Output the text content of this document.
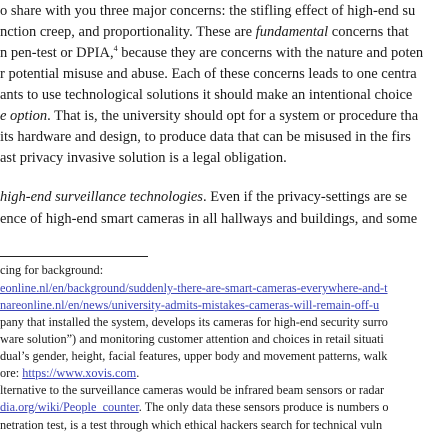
o share with you three major concerns: the stifling effect of high-end su
nction creep, and proportionality. These are fundamental concerns that
n pen-test or DPIA,$^4$ because they are concerns with the nature and poten
r potential misuse and abuse. Each of these concerns leads to one centra
ants to use technological solutions it should make an intentional choice
e option. That is, the university should opt for a system or procedure tha
its hardware and design, to produce data that can be misused in the firs
ast privacy invasive solution is a legal obligation.
high-end surveillance technologies. Even if the privacy-settings are se
ence of high-end smart cameras in all hallways and buildings, and some
cing for background:
eonline.nl/en/background/suddenly-there-are-smart-cameras-everywhere-and-t
nareonline.nl/en/news/university-admits-mistakes-cameras-will-remain-off-u
pany that installed the system, develops its cameras for high-end security surro
ware solution”) and monitoring customer attention and choices in retail situati
dual’s gender, height, facial features, upper body and movement patterns, walk
ore: https://www.xovis.com.
lternative to the surveillance cameras would be infrared beam sensors or radar
dia.org/wiki/People_counter. The only data these sensors produce is numbers o
netration test, is a test through which ethical hackers search for technical vuln
